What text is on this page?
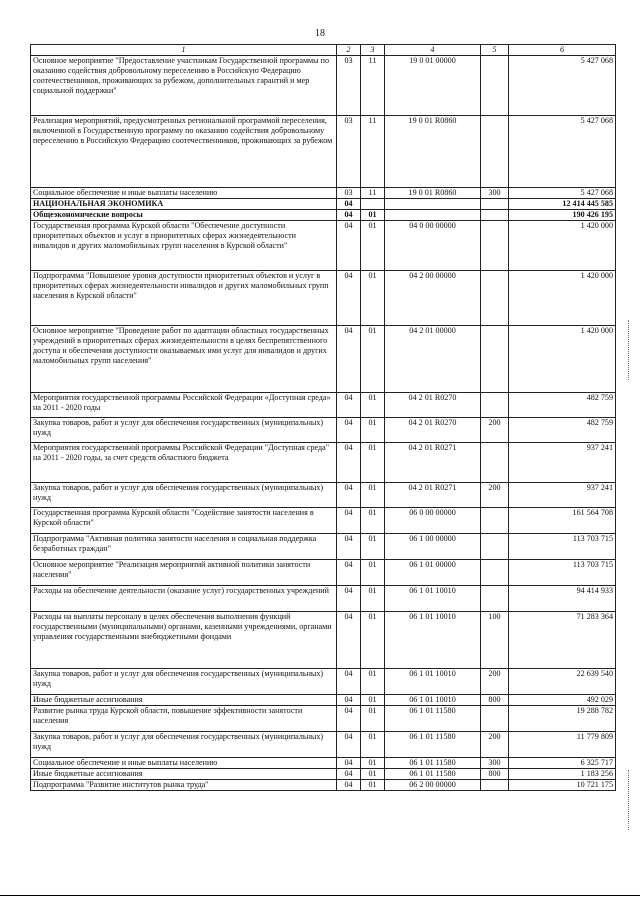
18
1	2	3	4	5	6
Основное мероприятие "Предоставление участникам Государственной программы по оказанию содействия добровольному переселению в Российскую Федерацию соотечественников, проживающих за рубежом, дополнительных гарантий и мер социальной поддержки"	03	11	19 0 01 00000		5 427 068
Реализация мероприятий, предусмотренных региональной программой переселения, включенной в Государственную программу по оказанию содействия добровольному переселению в Российскую Федерацию соотечественников, проживающих за рубежом	03	11	19 0 01 R0860		5 427 068
Социальное обеспечение и иные выплаты населению	03	11	19 0 01 R0860	300	5 427 068
НАЦИОНАЛЬНАЯ ЭКОНОМИКА	04				12 414 445 585
Общеэкономические вопросы	04	01			190 426 195
Государственная программа Курской области "Обеспечение доступности приоритетных объектов и услуг в приоритетных сферах жизнедеятельности инвалидов и других маломобильных групп населения в Курской области"	04	01	04 0 00 00000		1 420 000
Подпрограмма "Повышение уровня доступности приоритетных объектов и услуг в приоритетных сферах жизнедеятельности инвалидов и других маломобильных групп населения в Курской области"	04	01	04 2 00 00000		1 420 000
Основное мероприятие "Проведение работ по адаптации областных государственных учреждений в приоритетных сферах жизнедеятельности в целях беспрепятственного доступа и обеспечения доступности оказываемых ими услуг для инвалидов и других маломобильных групп населения"	04	01	04 2 01 00000		1 420 000
Мероприятия государственной программы Российской Федерации «Доступная среда» на 2011 - 2020 годы	04	01	04 2 01 R0270		482 759
Закупка товаров, работ и услуг для обеспечения государственных (муниципальных) нужд	04	01	04 2 01 R0270	200	482 759
Мероприятия государственной программы Российской Федерации "Доступная среда" на 2011 - 2020 годы, за счет средств областного бюджета	04	01	04 2 01 R0271		937 241
Закупка товаров, работ и услуг для обеспечения государственных (муниципальных) нужд	04	01	04 2 01 R0271	200	937 241
Государственная программа Курской области "Содействие занятости населения в Курской области"	04	01	06 0 00 00000		161 564 708
Подпрограмма "Активная политика занятости населения и социальная поддержка безработных граждан"	04	01	06 1 00 00000		113 703 715
Основное мероприятие "Реализация мероприятий активной политики занятости населения"	04	01	06 1 01 00000		113 703 715
Расходы на обеспечение деятельности (оказание услуг) государственных учреждений	04	01	06 1 01 10010		94 414 933
Расходы на выплаты персоналу в целях обеспечения выполнения функций государственными (муниципальными) органами, казенными учреждениями, органами управления государственными внебюджетными фондами	04	01	06 1 01 10010	100	71 283 364
Закупка товаров, работ и услуг для обеспечения государственных (муниципальных) нужд	04	01	06 1 01 10010	200	22 639 540
Иные бюджетные ассигнования	04	01	06 1 01 10010	800	492 029
Развитие рынка труда Курской области, повышение эффективности занятости населения	04	01	06 1 01 11580		19 288 782
Закупка товаров, работ и услуг для обеспечения государственных (муниципальных) нужд	04	01	06 1 01 11580	200	11 779 809
Социальное обеспечение и иные выплаты населению	04	01	06 1 01 11580	300	6 325 717
Иные бюджетные ассигнования	04	01	06 1 01 11580	800	1 183 256
Подпрограмма "Развитие институтов рынка труда"	04	01	06 2 00 00000		10 721 175
